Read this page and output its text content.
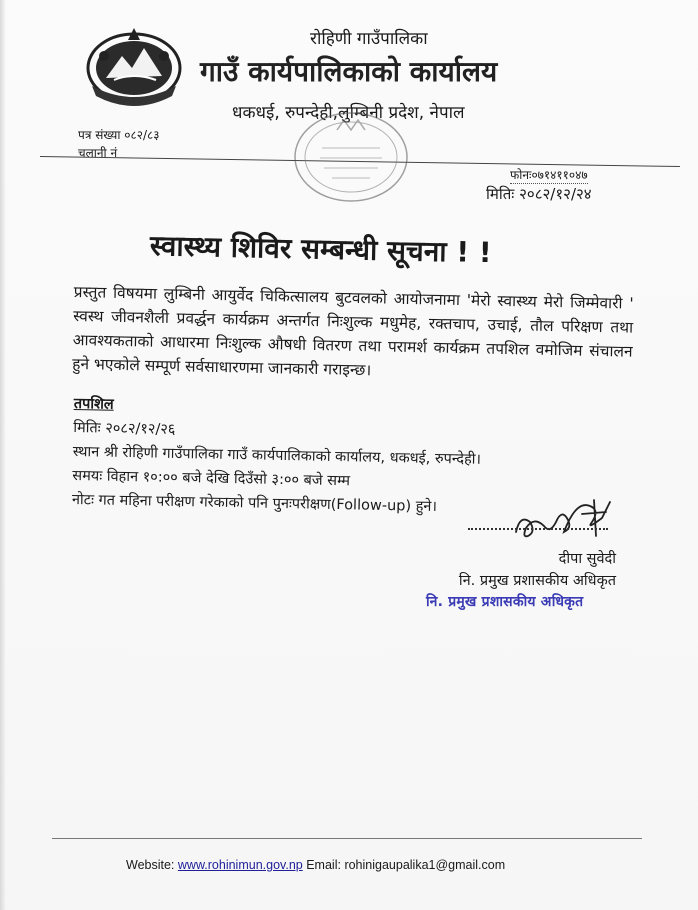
रोहिणी गाउँपालिका
गाउँ कार्यपालिकाको कार्यालय
धकधई, रुपन्देही,लुम्बिनी प्रदेश, नेपाल
पत्र संख्या ०८२/८३
चलानी नं
फोनः०७१४११०४७
मितिः २०८२/१२/२४
स्वास्थ्य शिविर सम्बन्धी सूचना ! !
प्रस्तुत विषयमा लुम्बिनी आयुर्वेद चिकित्सालय बुटवलको आयोजनामा 'मेरो स्वास्थ्य मेरो जिम्मेवारी ' स्वस्थ जीवनशैली प्रवर्द्धन कार्यक्रम अन्तर्गत निःशुल्क मधुमेह, रक्तचाप, उचाई, तौल परिक्षण तथा आवश्यकताको आधारमा निःशुल्क औषधी वितरण तथा परामर्श कार्यक्रम तपशिल वमोजिम संचालन हुने भएकोले सम्पूर्ण सर्वसाधारणमा जानकारी गराइन्छ।
तपशिल
मितिः २०८२/१२/२६
स्थान श्री रोहिणी गाउँपालिका गाउँ कार्यपालिकाको कार्यालय, धकधई, रुपन्देही।
समयः विहान १०:०० बजे देखि दिउँसो ३:०० बजे सम्म
नोटः गत महिना परीक्षण गरेकाको पनि पुनःपरीक्षण(Follow-up) हुने।
दीपा सुवेदी
नि. प्रमुख प्रशासकीय अधिकृत
नि. प्रमुख प्रशासकीय अधिकृत
Website: www.rohinimun.gov.np Email: rohinigaupalika1@gmail.com
